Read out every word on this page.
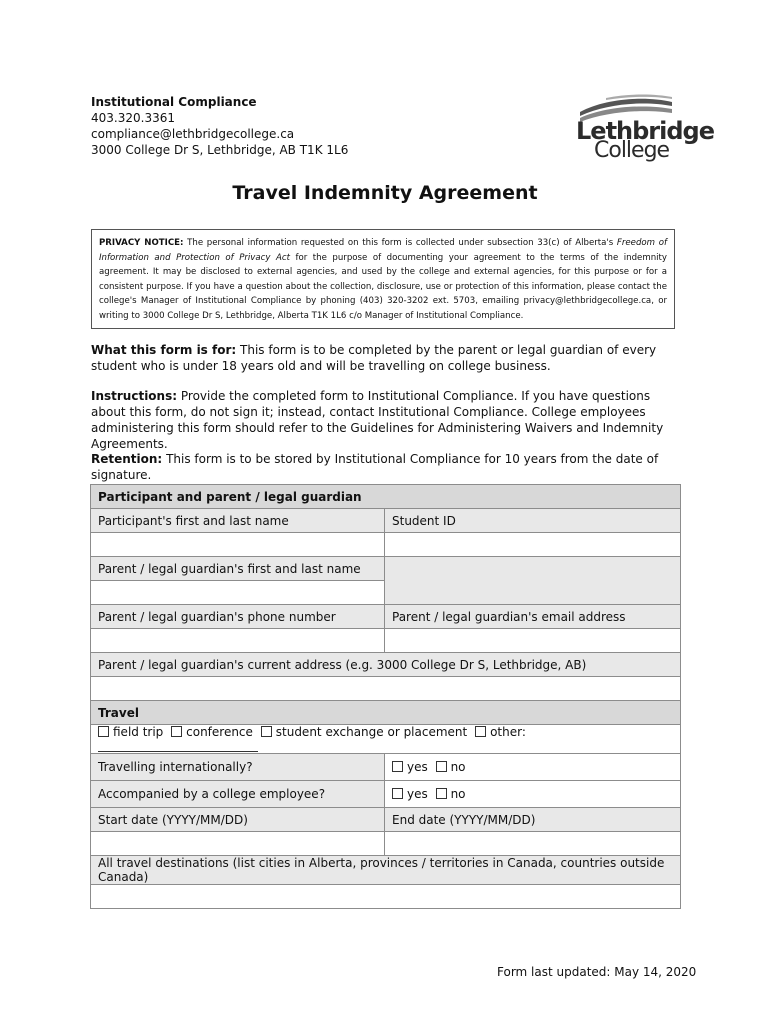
Institutional Compliance
403.320.3361
compliance@lethbridgecollege.ca
3000 College Dr S, Lethbridge, AB T1K 1L6
Lethbridge
College
Travel Indemnity Agreement
PRIVACY NOTICE: The personal information requested on this form is collected under subsection 33(c) of Alberta's Freedom of Information and Protection of Privacy Act for the purpose of documenting your agreement to the terms of the indemnity agreement. It may be disclosed to external agencies, and used by the college and external agencies, for this purpose or for a consistent purpose. If you have a question about the collection, disclosure, use or protection of this information, please contact the college's Manager of Institutional Compliance by phoning (403) 320-3202 ext. 5703, emailing privacy@lethbridgecollege.ca, or writing to 3000 College Dr S, Lethbridge, Alberta T1K 1L6 c/o Manager of Institutional Compliance.
What this form is for: This form is to be completed by the parent or legal guardian of every student who is under 18 years old and will be travelling on college business.
Instructions: Provide the completed form to Institutional Compliance. If you have questions about this form, do not sign it; instead, contact Institutional Compliance. College employees administering this form should refer to the Guidelines for Administering Waivers and Indemnity Agreements.
Retention: This form is to be stored by Institutional Compliance for 10 years from the date of signature.
Participant and parent / legal guardian	
Participant's first and last name	Student ID

Parent / legal guardian's first and last name	

Parent / legal guardian's phone number	Parent / legal guardian's email address

Parent / legal guardian's current address (e.g. 3000 College Dr S, Lethbridge, AB)	

Travel	
field trip conference student exchange or placement other:	
Travelling internationally?	yes no
Accompanied by a college employee?	yes no
Start date (YYYY/MM/DD)	End date (YYYY/MM/DD)

All travel destinations (list cities in Alberta, provinces / territories in Canada, countries outside Canada)	

Form last updated: May 14, 2020
